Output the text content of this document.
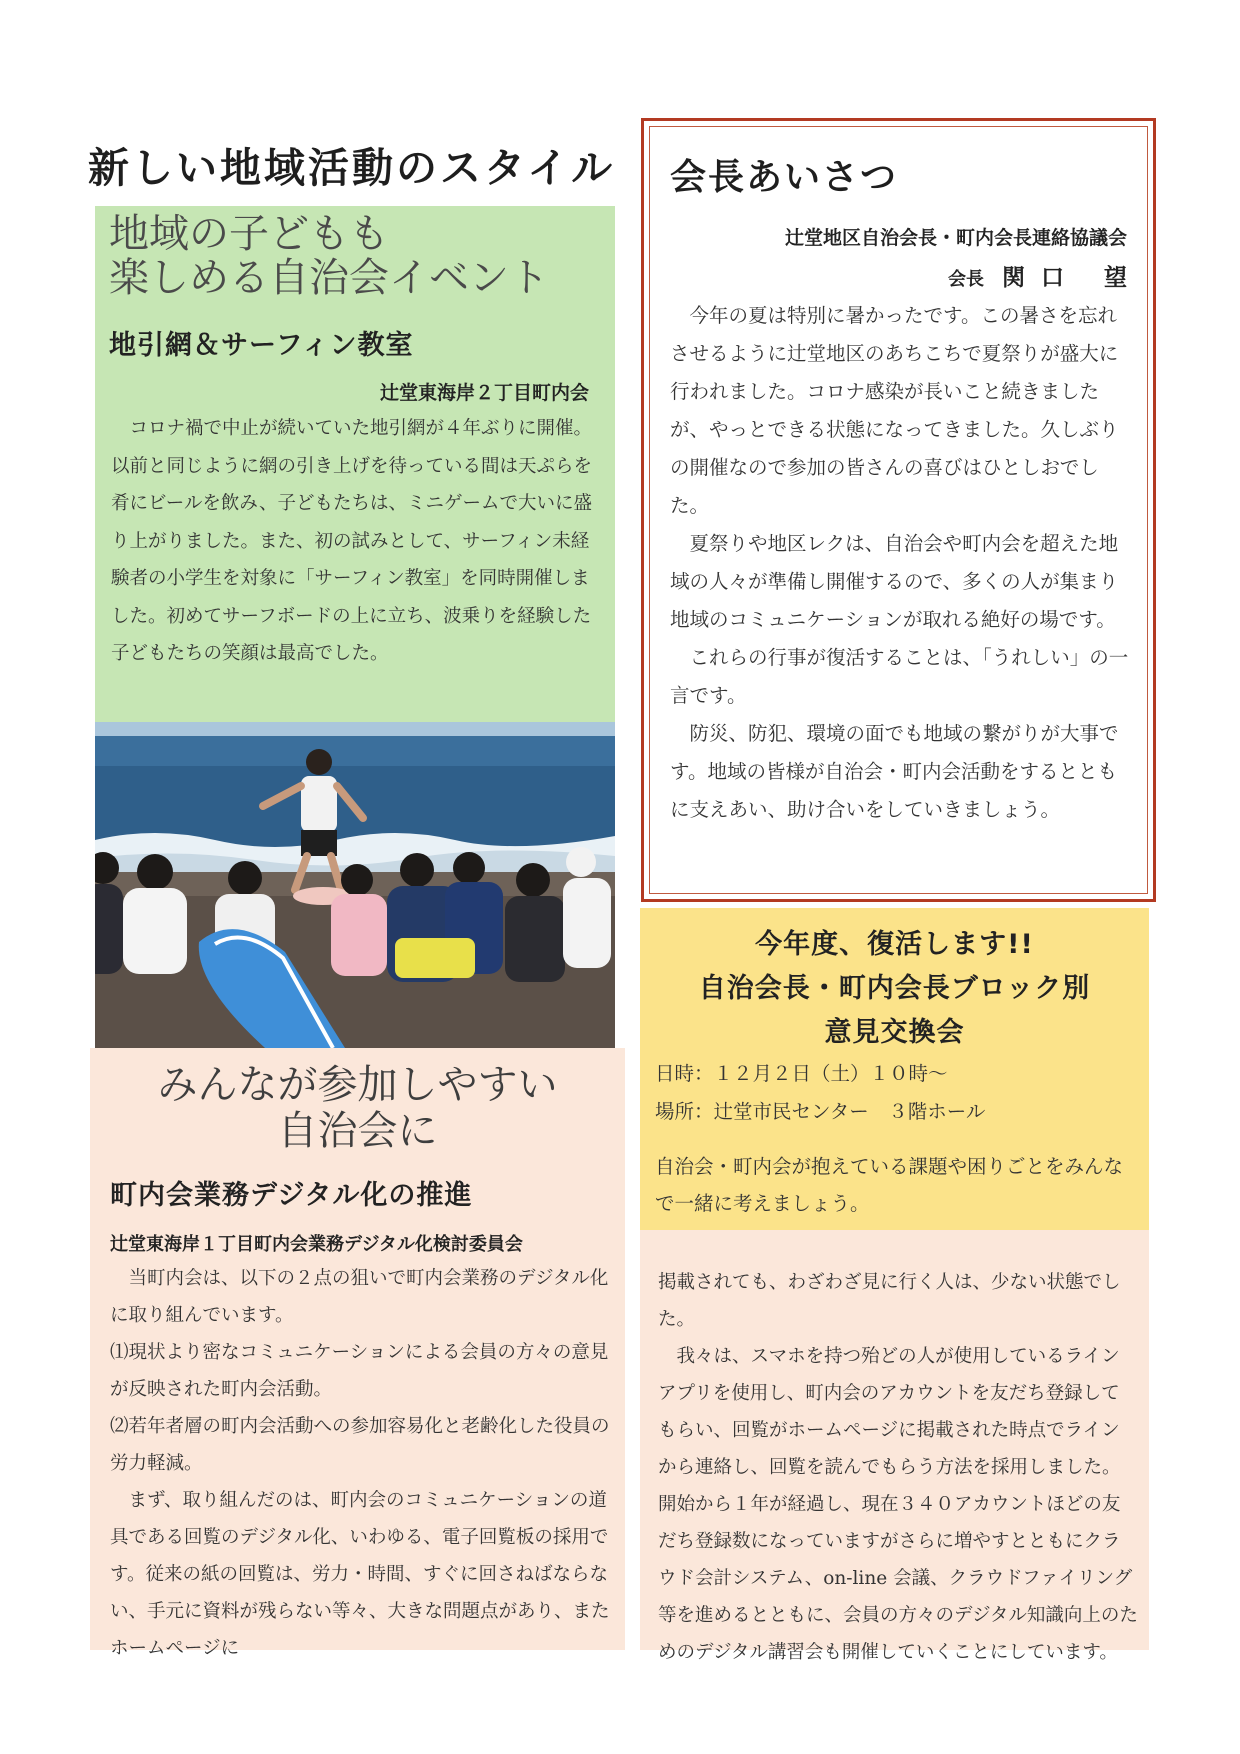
新しい地域活動のスタイル
地域の子どもも
楽しめる自治会イベント
地引網＆サーフィン教室
辻堂東海岸２丁目町内会

コロナ禍で中止が続いていた地引網が４年ぶりに開催。以前と同じように網の引き上げを待っている間は天ぷらを肴にビールを飲み、子どもたちは、ミニゲームで大いに盛り上がりました。また、初の試みとして、サーフィン未経験者の小学生を対象に「サーフィン教室」を同時開催しました。初めてサーフボードの上に立ち、波乗りを経験した子どもたちの笑顔は最高でした。

みんなが参加しやすい
自治会に
町内会業務デジタル化の推進
辻堂東海岸１丁目町内会業務デジタル化検討委員会

当町内会は、以下の２点の狙いで町内会業務のデジタル化に取り組んでいます。

⑴現状より密なコミュニケーションによる会員の方々の意見が反映された町内会活動。

⑵若年者層の町内会活動への参加容易化と老齢化した役員の労力軽減。

まず、取り組んだのは、町内会のコミュニケーションの道具である回覧のデジタル化、いわゆる、電子回覧板の採用です。従来の紙の回覧は、労力・時間、すぐに回さねばならない、手元に資料が残らない等々、大きな問題点があり、またホームページに

会長あいさつ
辻堂地区自治会長・町内会長連絡協議会
会長 関口 望

今年の夏は特別に暑かったです。この暑さを忘れさせるように辻堂地区のあちこちで夏祭りが盛大に行われました。コロナ感染が長いこと続きましたが、やっとできる状態になってきました。久しぶりの開催なので参加の皆さんの喜びはひとしおでした。

夏祭りや地区レクは、自治会や町内会を超えた地域の人々が準備し開催するので、多くの人が集まり地域のコミュニケーションが取れる絶好の場です。

これらの行事が復活することは、「うれしい」の一言です。

防災、防犯、環境の面でも地域の繋がりが大事です。地域の皆様が自治会・町内会活動をするとともに支えあい、助け合いをしていきましょう。

今年度、復活します!!
自治会長・町内会長ブロック別
意見交換会
日時：１２月２日（土）１０時～
場所：辻堂市民センター　３階ホール
自治会・町内会が抱えている課題や困りごとをみんなで一緒に考えましょう。

掲載されても、わざわざ見に行く人は、少ない状態でした。

我々は、スマホを持つ殆どの人が使用しているラインアプリを使用し、町内会のアカウントを友だち登録してもらい、回覧がホームページに掲載された時点でラインから連絡し、回覧を読んでもらう方法を採用しました。開始から１年が経過し、現在３４０アカウントほどの友だち登録数になっていますがさらに増やすとともにクラウド会計システム、on-line 会議、クラウドファイリング等を進めるとともに、会員の方々のデジタル知識向上のためのデジタル講習会も開催していくことにしています。
